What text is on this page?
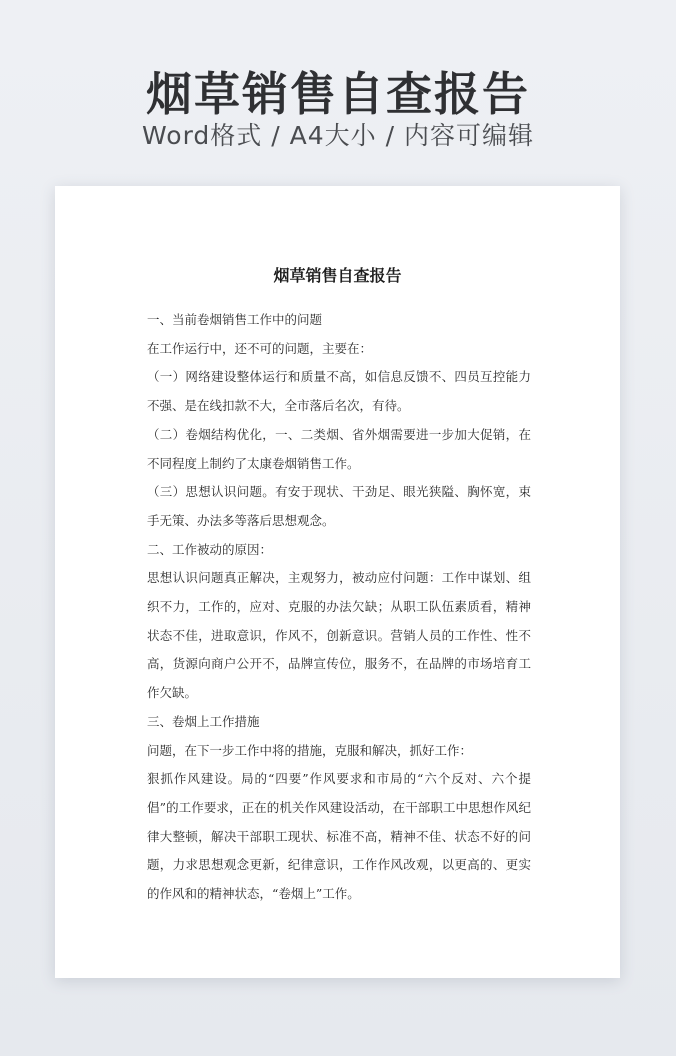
烟草销售自查报告
Word格式 / A4大小 / 内容可编辑
烟草销售自查报告

一、当前卷烟销售工作中的问题

在工作运行中，还不可的问题，主要在：

（一）网络建设整体运行和质量不高，如信息反馈不、四员互控能力不强、是在线扣款不大，全市落后名次，有待。

（二）卷烟结构优化，一、二类烟、省外烟需要进一步加大促销，在不同程度上制约了太康卷烟销售工作。

（三）思想认识问题。有安于现状、干劲足、眼光狭隘、胸怀宽，束手无策、办法多等落后思想观念。

二、工作被动的原因：

思想认识问题真正解决，主观努力，被动应付问题：工作中谋划、组织不力，工作的，应对、克服的办法欠缺；从职工队伍素质看，精神状态不佳，进取意识，作风不，创新意识。营销人员的工作性、性不高，货源向商户公开不，品牌宣传位，服务不，在品牌的市场培育工作欠缺。

三、卷烟上工作措施

问题，在下一步工作中将的措施，克服和解决，抓好工作：

狠抓作风建设。局的“四要”作风要求和市局的“六个反对、六个提倡”的工作要求，正在的机关作风建设活动，在干部职工中思想作风纪律大整顿，解决干部职工现状、标准不高，精神不佳、状态不好的问题，力求思想观念更新，纪律意识，工作作风改观，以更高的、更实的作风和的精神状态，“卷烟上”工作。
